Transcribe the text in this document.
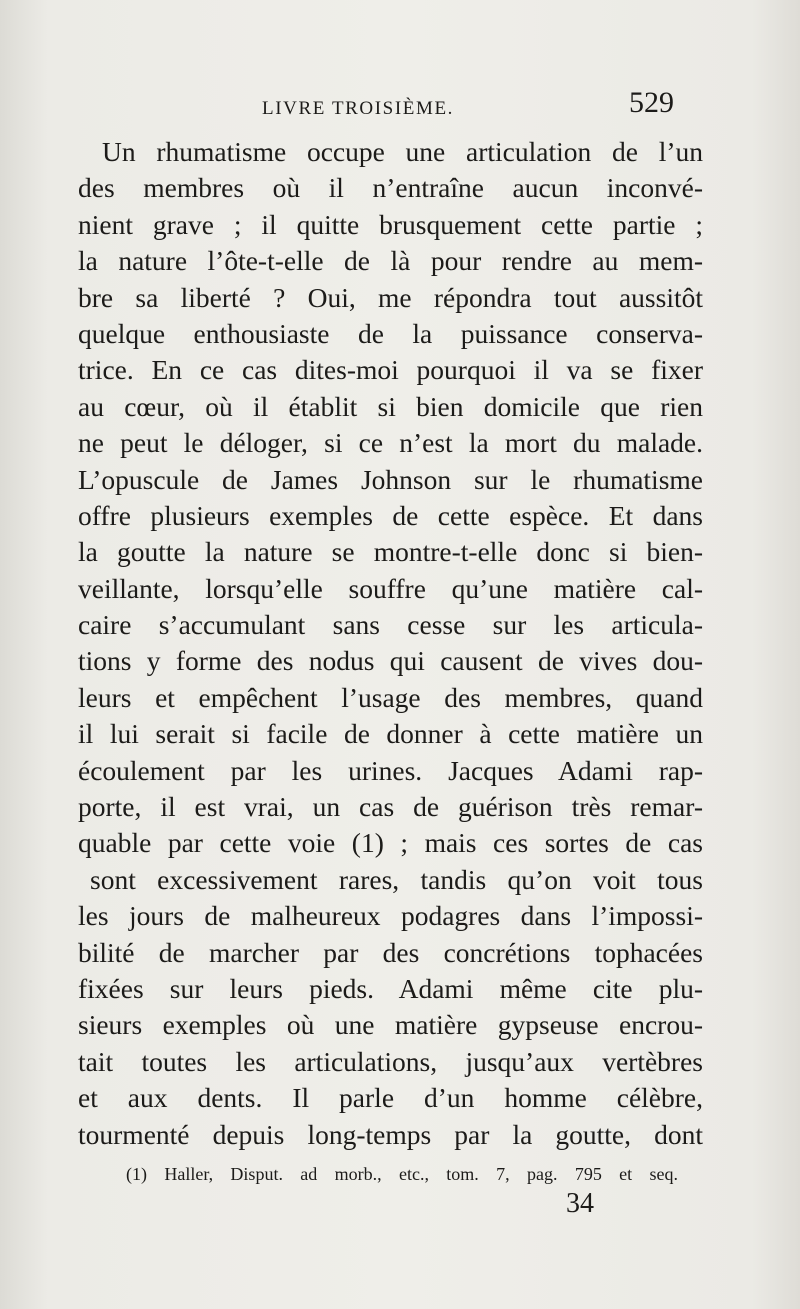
LIVRE TROISIÈME.	529
Un rhumatisme occupe une articulation de l’un
des membres où il n’entraîne aucun inconvé-
nient grave ; il quitte brusquement cette partie ;
la nature l’ôte-t-elle de là pour rendre au mem-
bre sa liberté ? Oui, me répondra tout aussitôt
quelque enthousiaste de la puissance conserva-
trice. En ce cas dites-moi pourquoi il va se fixer
au cœur, où il établit si bien domicile que rien
ne peut le déloger, si ce n’est la mort du malade.
L’opuscule de James Johnson sur le rhumatisme
offre plusieurs exemples de cette espèce. Et dans
la goutte la nature se montre-t-elle donc si bien-
veillante, lorsqu’elle souffre qu’une matière cal-
caire s’accumulant sans cesse sur les articula-
tions y forme des nodus qui causent de vives dou-
leurs et empêchent l’usage des membres, quand
il lui serait si facile de donner à cette matière un
écoulement par les urines. Jacques Adami rap-
porte, il est vrai, un cas de guérison très remar-
quable par cette voie (1) ; mais ces sortes de cas
sont excessivement rares, tandis qu’on voit tous
les jours de malheureux podagres dans l’impossi-
bilité de marcher par des concrétions tophacées
fixées sur leurs pieds. Adami même cite plu-
sieurs exemples où une matière gypseuse encrou-
tait toutes les articulations, jusqu’aux vertèbres
et aux dents. Il parle d’un homme célèbre,
tourmenté depuis long-temps par la goutte, dont
(1) Haller, Disput. ad morb., etc., tom. 7, pag. 795 et seq.
34
